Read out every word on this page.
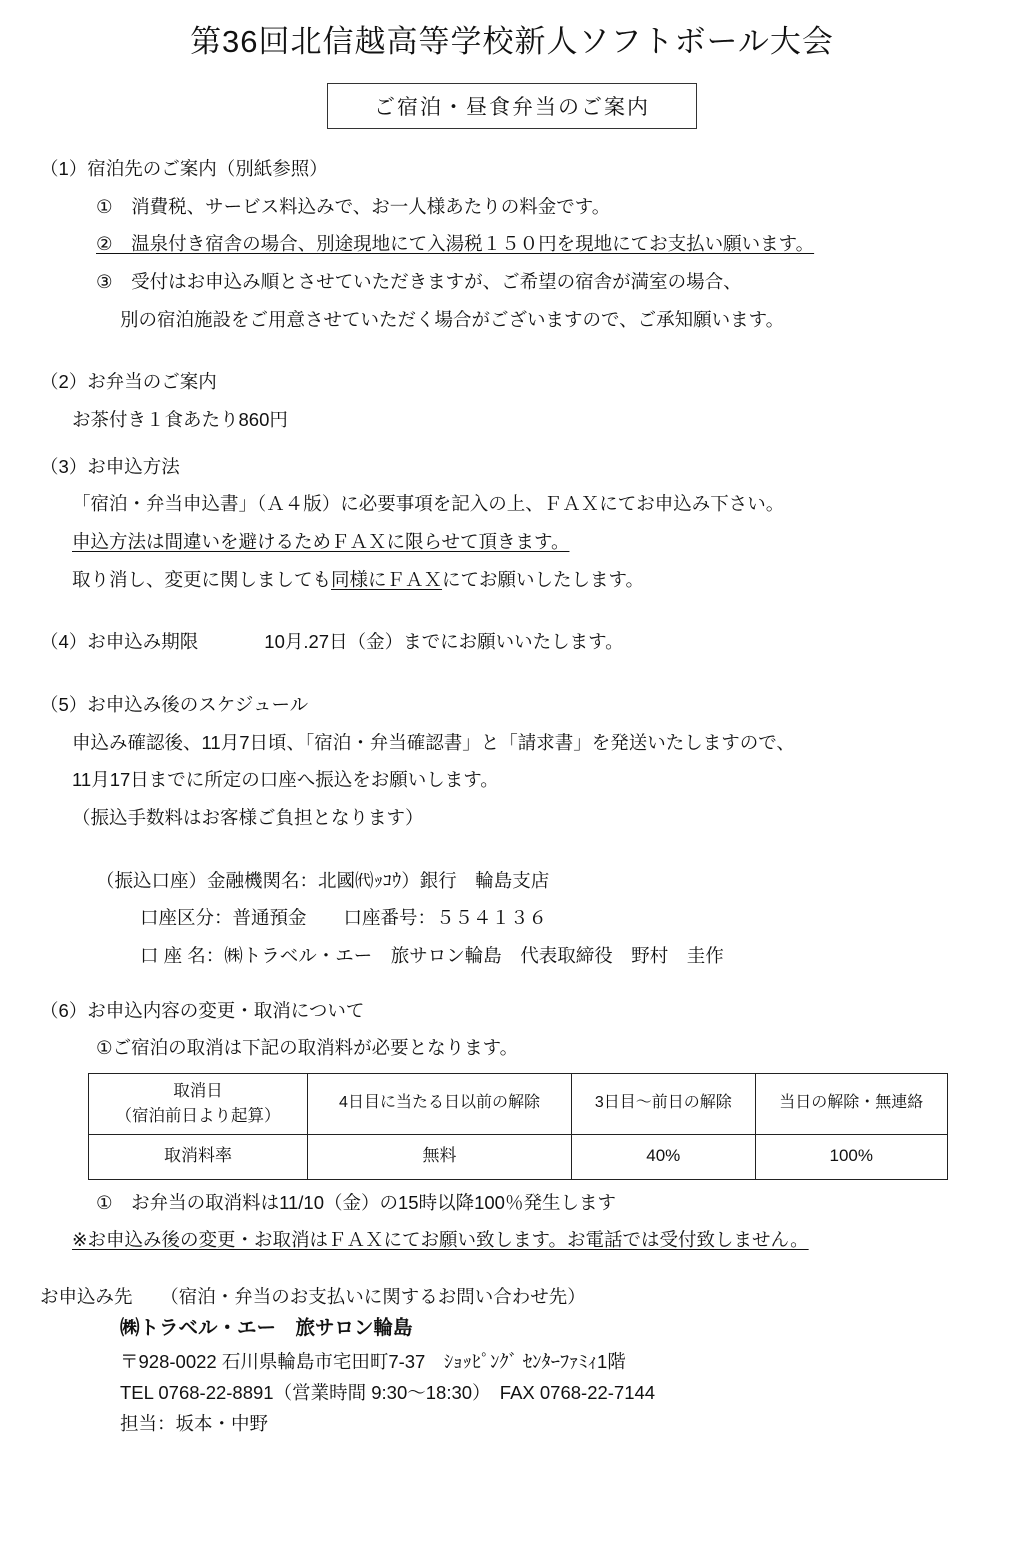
第36回北信越高等学校新人ソフトボール大会
ご宿泊・昼食弁当のご案内

（1）宿泊先のご案内（別紙参照）

①　消費税、サービス料込みで、お一人様あたりの料金です。

②　温泉付き宿舎の場合、別途現地にて入湯税１５０円を現地にてお支払い願います。

③　受付はお申込み順とさせていただきますが、ご希望の宿舎が満室の場合、

別の宿泊施設をご用意させていただく場合がございますので、ご承知願います。

（2）お弁当のご案内

お茶付き１食あたり860円

（3）お申込方法

「宿泊・弁当申込書」（Ａ４版）に必要事項を記入の上、ＦＡＸにてお申込み下さい。

申込方法は間違いを避けるためＦＡＸに限らせて頂きます。

取り消し、変更に関しましても同様にＦＡＸにてお願いしたします。

（4）お申込み期限	10月.27日（金）までにお願いいたします。

（5）お申込み後のスケジュール

申込み確認後、11月7日頃、「宿泊・弁当確認書」と「請求書」を発送いたしますので、

11月17日までに所定の口座へ振込をお願いします。

（振込手数料はお客様ご負担となります）

（振込口座）金融機関名：北國㈹ｯｺｳ）銀行　輪島支店

口座区分：普通預金　　口座番号：５５４１３６

口 座 名：㈱トラベル・エー　旅サロン輪島　代表取締役　野村　圭作

（6）お申込内容の変更・取消について

①ご宿泊の取消は下記の取消料が必要となります。

取消日
（宿泊前日より起算）	4日目に当たる日以前の解除	3日目～前日の解除	当日の解除・無連絡
取消料率	無料	40%	100%

①　お弁当の取消料は11/10（金）の15時以降100％発生します

※お申込み後の変更・お取消はＦＡＸにてお願い致します。お電話では受付致しません。

お申込み先　　（宿泊・弁当のお支払いに関するお問い合わせ先）

㈱トラベル・エー　旅サロン輪島

〒928-0022 石川県輪島市宅田町7-37　ｼｮｯﾋﾟﾝｸﾞ ｾﾝﾀｰﾌｧﾐｨ1階

TEL 0768-22-8891（営業時間 9:30～18:30）　FAX 0768-22-7144

担当：坂本・中野
